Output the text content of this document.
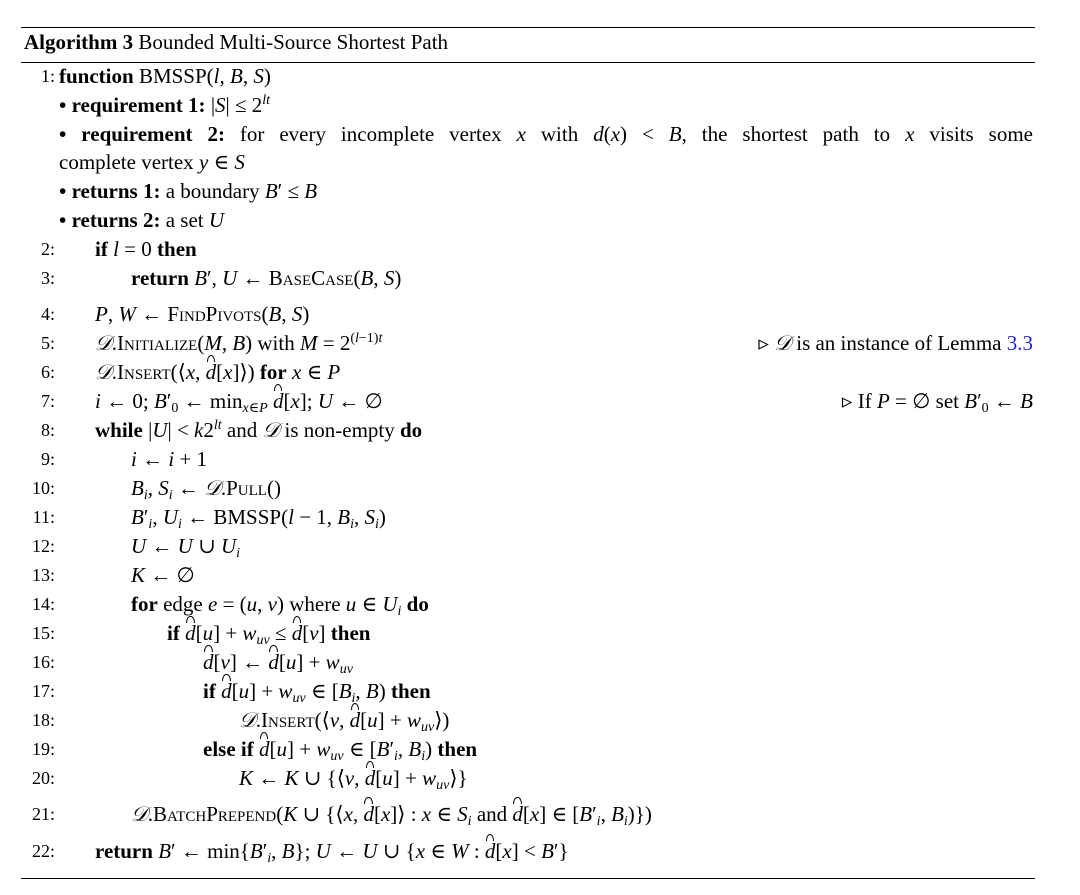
Algorithm 3 Bounded Multi-Source Shortest Path
1: function BMSSP(l, B, S)
• requirement 1: $|S| \le 2^{lt}$
• requirement 2: for every incomplete vertex x with d(x) < B, the shortest path to x visits some
complete vertex y ∈ S
• returns 1: a boundary B′ ≤ B
• returns 2: a set U
2: if l = 0 then
3:	return B′, U ← BaseCase(B, S)
4: P, W ← FindPivots(B, S)
5: 𝒟.Initialize(M, B) with $M = 2^{(l-1)t}$	▹ 𝒟 is an instance of Lemma 3.3
6: 𝒟.Insert(⟨x, d[x]⟩) for x ∈ P
7: i ← 0; $B'_0$ ← $\min_{x\in P} d[x]$; U ← ∅	▹ If P = ∅ set $B'_0$ ← B
8: while $|U| < k2^{lt}$ and 𝒟 is non-empty do
9:	i ← i + 1
10:	$B_i$, $S_i$ ← 𝒟.Pull()
11:	$B'_i$, $U_i$ ← BMSSP(l − 1, $B_i$, $S_i$)
12:	U ← U ∪ $U_i$
13:	K ← ∅
14:	for edge e = (u, v) where u ∈ $U_i$ do
15:	if $d[u] + w_{uv} \le d[v]$ then
16:	d[v] ← $d[u] + w_{uv}$
17:	if $d[u] + w_{uv}$ ∈ [$B_i$, B) then
18:	𝒟.Insert(⟨v, $d[u] + w_{uv}⟩$)
19:	else if $d[u] + w_{uv}$ ∈ [$B'_i$, $B_i$) then
20:	K ← K ∪ {⟨v, $d[u] + w_{uv}⟩$}
21:	𝒟.BatchPrepend(K ∪ {⟨x, d[x]⟩ : x ∈ $S_i$ and d[x] ∈ [$B'_i$, $B_i$)})
22: return B′ ← $\min\{B'_i$, B}; U ← U ∪ {x ∈ W : d[x] < B′}
